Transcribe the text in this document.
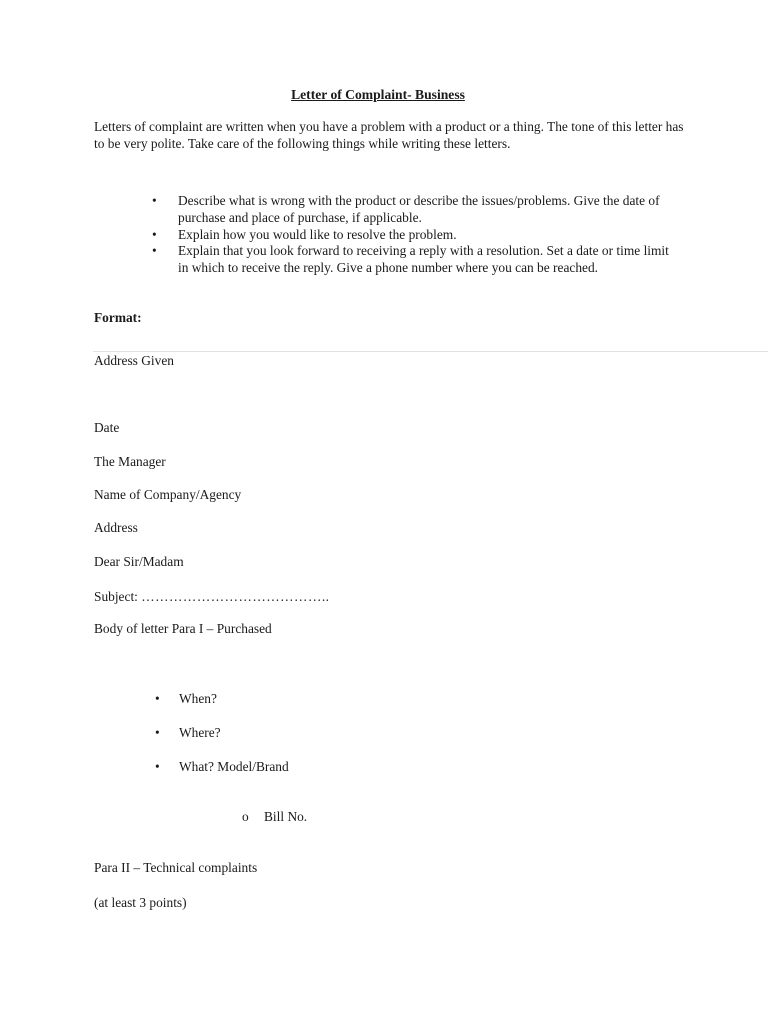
Letter of Complaint- Business

Letters of complaint are written when you have a problem with a product or a thing. The tone of this letter has to be very polite. Take care of the following things while writing these letters.

• Describe what is wrong with the product or describe the issues/problems. Give the date of purchase and place of purchase, if applicable.
• Explain how you would like to resolve the problem.
• Explain that you look forward to receiving a reply with a resolution. Set a date or time limit in which to receive the reply. Give a phone number where you can be reached.
Format:
Address Given
Date
The Manager
Name of Company/Agency
Address
Dear Sir/Madam
Subject: …………………………………..
Body of letter Para I – Purchased
• When?
• Where?
• What? Model/Brand
o Bill No.
Para II – Technical complaints
(at least 3 points)
